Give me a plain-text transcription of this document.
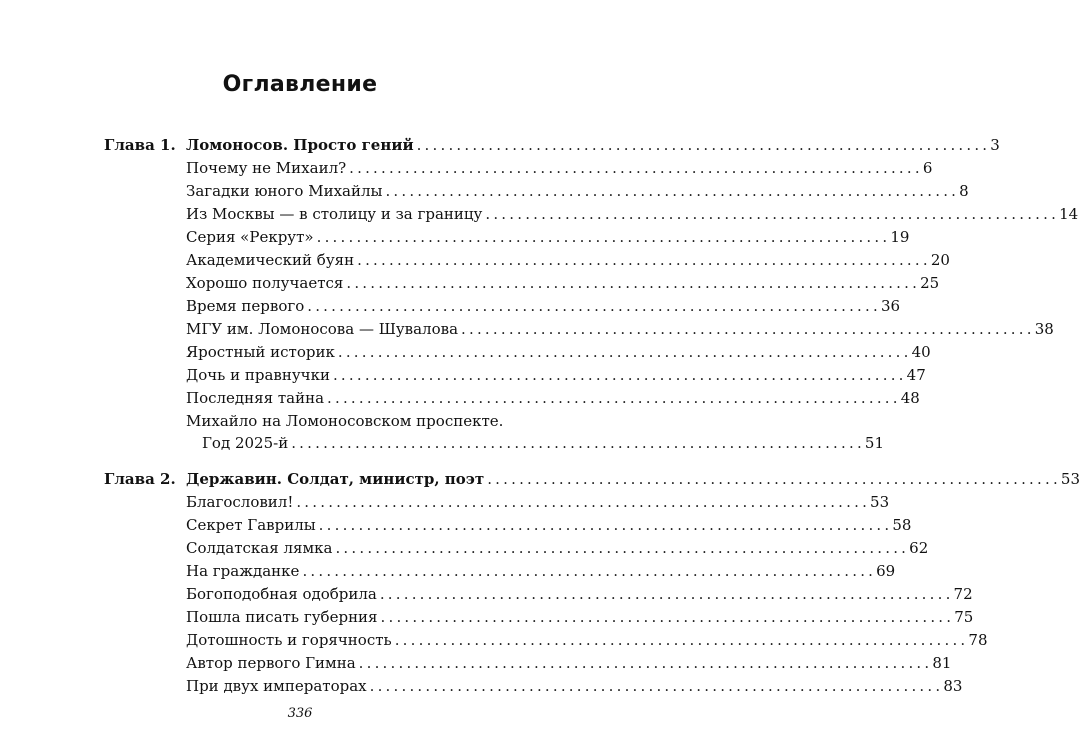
Оглавление
Глава 1. Ломоносов. Просто гений ........................................................................ 3
Почему не Михаил? ........................................................................ 6
Загадки юного Михайлы ........................................................................ 8
Из Москвы — в столицу и за границу ........................................................................ 14
Серия «Рекрут» ........................................................................ 19
Академический буян ........................................................................ 20
Хорошо получается ........................................................................ 25
Время первого ........................................................................ 36
МГУ им. Ломоносова — Шувалова ........................................................................ 38
Яростный историк ........................................................................ 40
Дочь и правнучки ........................................................................ 47
Последняя тайна ........................................................................ 48
Михайло на Ломоносовском проспекте.
Год 2025-й ........................................................................ 51
Глава 2. Державин. Солдат, министр, поэт ........................................................................ 53
Благословил! ........................................................................ 53
Секрет Гаврилы ........................................................................ 58
Солдатская лямка ........................................................................ 62
На гражданке ........................................................................ 69
Богоподобная одобрила ........................................................................ 72
Пошла писать губерния ........................................................................ 75
Дотошность и горячность ........................................................................ 78
Автор первого Гимна ........................................................................ 81
При двух императорах ........................................................................ 83
336
